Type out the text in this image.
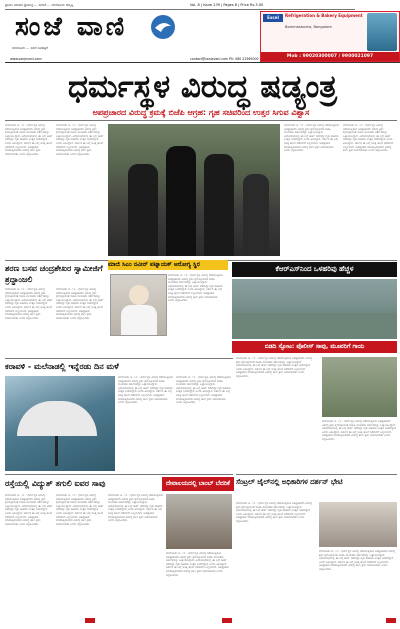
ಶ್ರಾವಣ ಮಾಸದ ಪ್ರಯುಕ್ತ ... ಸಂಚಿಕೆ ... ಬೆಂಗಳೂರು ಆವೃತ್ತಿ	Vol. 8 | Issue 239 | Pages 8 | Price Rs.3.00
ಸಂಜೆ ವಾಣಿ
ಬೆಂಗಳೂರು ... ಸಂಜೆ ದಿನಪತ್ರಿಕೆ
Excel	Refrigeration & Bakery Equipment
Bommasandra, Bangalore
Mob : 99020300007 / 9900021097
www.sanjevani.com	contact@sanjevani.com Ph: 080 22569000
ಧರ್ಮಸ್ಥಳ ವಿರುದ್ಧ ಷಡ್ಯಂತ್ರ
ಅಪಪ್ರಚಾರದ ವಿರುದ್ಧ ಕ್ರಮಕ್ಕೆ ಬಿಜೆಪಿ ಆಗ್ರಹ: ಗೃಹ ಸಚಿವರಿಂದ ಉತ್ತರ ಸಿಗುವ ವಿಶ್ವಾಸ
ಬೆಂಗಳೂರು ಆ. ೧೯ - ಧರ್ಮಸ್ಥಳ ವಿರುದ್ಧ ನಡೆಯುತ್ತಿರುವ ಅಪಪ್ರಚಾರದ ವಿರುದ್ಧ ಕ್ರಮ ಕೈಗೊಳ್ಳುವಂತೆ ಬಿಜೆಪಿ ನಾಯಕರು ಸರ್ಕಾರವನ್ನು ಒತ್ತಾಯಿಸಿದ್ದಾರೆ. ವಿಧಾನಸಭೆಯಲ್ಲಿ ಈ ಬಗ್ಗೆ ಚರ್ಚೆ ನಡೆದಿದ್ದು ಗೃಹ ಸಚಿವರು ಉತ್ತರ ನೀಡಲಿದ್ದಾರೆ ಎಂದು ತಿಳಿಸಿದ್ದಾರೆ. ಸರ್ಕಾರ ಈ ಬಗ್ಗೆ ಸೂಕ್ತ ತನಿಖೆ ನಡೆಸಲಿದೆ ಎನ್ನಲಾಗಿದೆ. ಅಪಪ್ರಚಾರ ಮಾಡುತ್ತಿರುವವರ ವಿರುದ್ಧ ಕಠಿಣ ಕ್ರಮ ಜರುಗಿಸಬೇಕು ಎಂದು ಆಗ್ರಹಿಸಿದರು.
ಬೆಂಗಳೂರು ಆ. ೧೯ - ಧರ್ಮಸ್ಥಳ ವಿರುದ್ಧ ನಡೆಯುತ್ತಿರುವ ಅಪಪ್ರಚಾರದ ವಿರುದ್ಧ ಕ್ರಮ ಕೈಗೊಳ್ಳುವಂತೆ ಬಿಜೆಪಿ ನಾಯಕರು ಸರ್ಕಾರವನ್ನು ಒತ್ತಾಯಿಸಿದ್ದಾರೆ. ವಿಧಾನಸಭೆಯಲ್ಲಿ ಈ ಬಗ್ಗೆ ಚರ್ಚೆ ನಡೆದಿದ್ದು ಗೃಹ ಸಚಿವರು ಉತ್ತರ ನೀಡಲಿದ್ದಾರೆ ಎಂದು ತಿಳಿಸಿದ್ದಾರೆ. ಸರ್ಕಾರ ಈ ಬಗ್ಗೆ ಸೂಕ್ತ ತನಿಖೆ ನಡೆಸಲಿದೆ ಎನ್ನಲಾಗಿದೆ. ಅಪಪ್ರಚಾರ ಮಾಡುತ್ತಿರುವವರ ವಿರುದ್ಧ ಕಠಿಣ ಕ್ರಮ ಜರುಗಿಸಬೇಕು ಎಂದು ಆಗ್ರಹಿಸಿದರು.
ಬೆಂಗಳೂರು ಆ. ೧೯ - ಧರ್ಮಸ್ಥಳ ವಿರುದ್ಧ ನಡೆಯುತ್ತಿರುವ ಅಪಪ್ರಚಾರದ ವಿರುದ್ಧ ಕ್ರಮ ಕೈಗೊಳ್ಳುವಂತೆ ಬಿಜೆಪಿ ನಾಯಕರು ಸರ್ಕಾರವನ್ನು ಒತ್ತಾಯಿಸಿದ್ದಾರೆ. ವಿಧಾನಸಭೆಯಲ್ಲಿ ಈ ಬಗ್ಗೆ ಚರ್ಚೆ ನಡೆದಿದ್ದು ಗೃಹ ಸಚಿವರು ಉತ್ತರ ನೀಡಲಿದ್ದಾರೆ ಎಂದು ತಿಳಿಸಿದ್ದಾರೆ. ಸರ್ಕಾರ ಈ ಬಗ್ಗೆ ಸೂಕ್ತ ತನಿಖೆ ನಡೆಸಲಿದೆ ಎನ್ನಲಾಗಿದೆ. ಅಪಪ್ರಚಾರ ಮಾಡುತ್ತಿರುವವರ ವಿರುದ್ಧ ಕಠಿಣ ಕ್ರಮ ಜರುಗಿಸಬೇಕು ಎಂದು ಆಗ್ರಹಿಸಿದರು.
ಬೆಂಗಳೂರು ಆ. ೧೯ - ಧರ್ಮಸ್ಥಳ ವಿರುದ್ಧ ನಡೆಯುತ್ತಿರುವ ಅಪಪ್ರಚಾರದ ವಿರುದ್ಧ ಕ್ರಮ ಕೈಗೊಳ್ಳುವಂತೆ ಬಿಜೆಪಿ ನಾಯಕರು ಸರ್ಕಾರವನ್ನು ಒತ್ತಾಯಿಸಿದ್ದಾರೆ. ವಿಧಾನಸಭೆಯಲ್ಲಿ ಈ ಬಗ್ಗೆ ಚರ್ಚೆ ನಡೆದಿದ್ದು ಗೃಹ ಸಚಿವರು ಉತ್ತರ ನೀಡಲಿದ್ದಾರೆ ಎಂದು ತಿಳಿಸಿದ್ದಾರೆ. ಸರ್ಕಾರ ಈ ಬಗ್ಗೆ ಸೂಕ್ತ ತನಿಖೆ ನಡೆಸಲಿದೆ ಎನ್ನಲಾಗಿದೆ. ಅಪಪ್ರಚಾರ ಮಾಡುತ್ತಿರುವವರ ವಿರುದ್ಧ ಕಠಿಣ ಕ್ರಮ ಜರುಗಿಸಬೇಕು ಎಂದು ಆಗ್ರಹಿಸಿದರು.
ಶರಣ ಬಸವ ಚಂದ್ರಶೇಖರ ಸ್ವಾಮೀಜಿಗೆ ಶ್ರದ್ಧಾಂಜಲಿ
ಬೆಂಗಳೂರು ಆ. ೧೯ - ಧರ್ಮಸ್ಥಳ ವಿರುದ್ಧ ನಡೆಯುತ್ತಿರುವ ಅಪಪ್ರಚಾರದ ವಿರುದ್ಧ ಕ್ರಮ ಕೈಗೊಳ್ಳುವಂತೆ ಬಿಜೆಪಿ ನಾಯಕರು ಸರ್ಕಾರವನ್ನು ಒತ್ತಾಯಿಸಿದ್ದಾರೆ. ವಿಧಾನಸಭೆಯಲ್ಲಿ ಈ ಬಗ್ಗೆ ಚರ್ಚೆ ನಡೆದಿದ್ದು ಗೃಹ ಸಚಿವರು ಉತ್ತರ ನೀಡಲಿದ್ದಾರೆ ಎಂದು ತಿಳಿಸಿದ್ದಾರೆ. ಸರ್ಕಾರ ಈ ಬಗ್ಗೆ ಸೂಕ್ತ ತನಿಖೆ ನಡೆಸಲಿದೆ ಎನ್ನಲಾಗಿದೆ. ಅಪಪ್ರಚಾರ ಮಾಡುತ್ತಿರುವವರ ವಿರುದ್ಧ ಕಠಿಣ ಕ್ರಮ ಜರುಗಿಸಬೇಕು ಎಂದು ಆಗ್ರಹಿಸಿದರು.
ಬೆಂಗಳೂರು ಆ. ೧೯ - ಧರ್ಮಸ್ಥಳ ವಿರುದ್ಧ ನಡೆಯುತ್ತಿರುವ ಅಪಪ್ರಚಾರದ ವಿರುದ್ಧ ಕ್ರಮ ಕೈಗೊಳ್ಳುವಂತೆ ಬಿಜೆಪಿ ನಾಯಕರು ಸರ್ಕಾರವನ್ನು ಒತ್ತಾಯಿಸಿದ್ದಾರೆ. ವಿಧಾನಸಭೆಯಲ್ಲಿ ಈ ಬಗ್ಗೆ ಚರ್ಚೆ ನಡೆದಿದ್ದು ಗೃಹ ಸಚಿವರು ಉತ್ತರ ನೀಡಲಿದ್ದಾರೆ ಎಂದು ತಿಳಿಸಿದ್ದಾರೆ. ಸರ್ಕಾರ ಈ ಬಗ್ಗೆ ಸೂಕ್ತ ತನಿಖೆ ನಡೆಸಲಿದೆ ಎನ್ನಲಾಗಿದೆ. ಅಪಪ್ರಚಾರ ಮಾಡುತ್ತಿರುವವರ ವಿರುದ್ಧ ಕಠಿಣ ಕ್ರಮ ಜರುಗಿಸಬೇಕು ಎಂದು ಆಗ್ರಹಿಸಿದರು.
ಮಾಜಿ ಸಿಎಂ ನವೀನ್ ಪಟ್ನಾಯಕ್ ಆರೋಗ್ಯ ಸ್ಥಿರ
ಬೆಂಗಳೂರು ಆ. ೧೯ - ಧರ್ಮಸ್ಥಳ ವಿರುದ್ಧ ನಡೆಯುತ್ತಿರುವ ಅಪಪ್ರಚಾರದ ವಿರುದ್ಧ ಕ್ರಮ ಕೈಗೊಳ್ಳುವಂತೆ ಬಿಜೆಪಿ ನಾಯಕರು ಸರ್ಕಾರವನ್ನು ಒತ್ತಾಯಿಸಿದ್ದಾರೆ. ವಿಧಾನಸಭೆಯಲ್ಲಿ ಈ ಬಗ್ಗೆ ಚರ್ಚೆ ನಡೆದಿದ್ದು ಗೃಹ ಸಚಿವರು ಉತ್ತರ ನೀಡಲಿದ್ದಾರೆ ಎಂದು ತಿಳಿಸಿದ್ದಾರೆ. ಸರ್ಕಾರ ಈ ಬಗ್ಗೆ ಸೂಕ್ತ ತನಿಖೆ ನಡೆಸಲಿದೆ ಎನ್ನಲಾಗಿದೆ. ಅಪಪ್ರಚಾರ ಮಾಡುತ್ತಿರುವವರ ವಿರುದ್ಧ ಕಠಿಣ ಕ್ರಮ ಜರುಗಿಸಬೇಕು ಎಂದು ಆಗ್ರಹಿಸಿದರು.
ಕೆಆರ್‌ಎಸ್‌ನಿಂದ ಒಳಹರಿವು ಹೆಚ್ಚಳ
ಬಿಡದಿ ಸ್ಫೋಟ: ಪೊಲೀಸ್ ಸಾವು, ಮೂವರಿಗೆ ಗಾಯ
ಕರಾವಳಿ - ಮಲೆನಾಡಲ್ಲಿ ಇನ್ನೆರಡು ದಿನ ಮಳೆ
ಬೆಂಗಳೂರು ಆ. ೧೯ - ಧರ್ಮಸ್ಥಳ ವಿರುದ್ಧ ನಡೆಯುತ್ತಿರುವ ಅಪಪ್ರಚಾರದ ವಿರುದ್ಧ ಕ್ರಮ ಕೈಗೊಳ್ಳುವಂತೆ ಬಿಜೆಪಿ ನಾಯಕರು ಸರ್ಕಾರವನ್ನು ಒತ್ತಾಯಿಸಿದ್ದಾರೆ. ವಿಧಾನಸಭೆಯಲ್ಲಿ ಈ ಬಗ್ಗೆ ಚರ್ಚೆ ನಡೆದಿದ್ದು ಗೃಹ ಸಚಿವರು ಉತ್ತರ ನೀಡಲಿದ್ದಾರೆ ಎಂದು ತಿಳಿಸಿದ್ದಾರೆ. ಸರ್ಕಾರ ಈ ಬಗ್ಗೆ ಸೂಕ್ತ ತನಿಖೆ ನಡೆಸಲಿದೆ ಎನ್ನಲಾಗಿದೆ. ಅಪಪ್ರಚಾರ ಮಾಡುತ್ತಿರುವವರ ವಿರುದ್ಧ ಕಠಿಣ ಕ್ರಮ ಜರುಗಿಸಬೇಕು ಎಂದು ಆಗ್ರಹಿಸಿದರು.
ಬೆಂಗಳೂರು ಆ. ೧೯ - ಧರ್ಮಸ್ಥಳ ವಿರುದ್ಧ ನಡೆಯುತ್ತಿರುವ ಅಪಪ್ರಚಾರದ ವಿರುದ್ಧ ಕ್ರಮ ಕೈಗೊಳ್ಳುವಂತೆ ಬಿಜೆಪಿ ನಾಯಕರು ಸರ್ಕಾರವನ್ನು ಒತ್ತಾಯಿಸಿದ್ದಾರೆ. ವಿಧಾನಸಭೆಯಲ್ಲಿ ಈ ಬಗ್ಗೆ ಚರ್ಚೆ ನಡೆದಿದ್ದು ಗೃಹ ಸಚಿವರು ಉತ್ತರ ನೀಡಲಿದ್ದಾರೆ ಎಂದು ತಿಳಿಸಿದ್ದಾರೆ. ಸರ್ಕಾರ ಈ ಬಗ್ಗೆ ಸೂಕ್ತ ತನಿಖೆ ನಡೆಸಲಿದೆ ಎನ್ನಲಾಗಿದೆ. ಅಪಪ್ರಚಾರ ಮಾಡುತ್ತಿರುವವರ ವಿರುದ್ಧ ಕಠಿಣ ಕ್ರಮ ಜರುಗಿಸಬೇಕು ಎಂದು ಆಗ್ರಹಿಸಿದರು.
ರಸ್ತೆಯಲ್ಲಿ ವಿದ್ಯುತ್ ತಗುಲಿ ಐವರ ಸಾವು
ಬೆಂಗಳೂರು ಆ. ೧೯ - ಧರ್ಮಸ್ಥಳ ವಿರುದ್ಧ ನಡೆಯುತ್ತಿರುವ ಅಪಪ್ರಚಾರದ ವಿರುದ್ಧ ಕ್ರಮ ಕೈಗೊಳ್ಳುವಂತೆ ಬಿಜೆಪಿ ನಾಯಕರು ಸರ್ಕಾರವನ್ನು ಒತ್ತಾಯಿಸಿದ್ದಾರೆ. ವಿಧಾನಸಭೆಯಲ್ಲಿ ಈ ಬಗ್ಗೆ ಚರ್ಚೆ ನಡೆದಿದ್ದು ಗೃಹ ಸಚಿವರು ಉತ್ತರ ನೀಡಲಿದ್ದಾರೆ ಎಂದು ತಿಳಿಸಿದ್ದಾರೆ. ಸರ್ಕಾರ ಈ ಬಗ್ಗೆ ಸೂಕ್ತ ತನಿಖೆ ನಡೆಸಲಿದೆ ಎನ್ನಲಾಗಿದೆ. ಅಪಪ್ರಚಾರ ಮಾಡುತ್ತಿರುವವರ ವಿರುದ್ಧ ಕಠಿಣ ಕ್ರಮ ಜರುಗಿಸಬೇಕು ಎಂದು ಆಗ್ರಹಿಸಿದರು.
ಬೆಂಗಳೂರು ಆ. ೧೯ - ಧರ್ಮಸ್ಥಳ ವಿರುದ್ಧ ನಡೆಯುತ್ತಿರುವ ಅಪಪ್ರಚಾರದ ವಿರುದ್ಧ ಕ್ರಮ ಕೈಗೊಳ್ಳುವಂತೆ ಬಿಜೆಪಿ ನಾಯಕರು ಸರ್ಕಾರವನ್ನು ಒತ್ತಾಯಿಸಿದ್ದಾರೆ. ವಿಧಾನಸಭೆಯಲ್ಲಿ ಈ ಬಗ್ಗೆ ಚರ್ಚೆ ನಡೆದಿದ್ದು ಗೃಹ ಸಚಿವರು ಉತ್ತರ ನೀಡಲಿದ್ದಾರೆ ಎಂದು ತಿಳಿಸಿದ್ದಾರೆ. ಸರ್ಕಾರ ಈ ಬಗ್ಗೆ ಸೂಕ್ತ ತನಿಖೆ ನಡೆಸಲಿದೆ ಎನ್ನಲಾಗಿದೆ. ಅಪಪ್ರಚಾರ ಮಾಡುತ್ತಿರುವವರ ವಿರುದ್ಧ ಕಠಿಣ ಕ್ರಮ ಜರುಗಿಸಬೇಕು ಎಂದು ಆಗ್ರಹಿಸಿದರು.
ದೇವಾಲಯದಲ್ಲಿ ಬಾಂಬ್ ಬೆದರಿಕೆ
ಬೆಂಗಳೂರು ಆ. ೧೯ - ಧರ್ಮಸ್ಥಳ ವಿರುದ್ಧ ನಡೆಯುತ್ತಿರುವ ಅಪಪ್ರಚಾರದ ವಿರುದ್ಧ ಕ್ರಮ ಕೈಗೊಳ್ಳುವಂತೆ ಬಿಜೆಪಿ ನಾಯಕರು ಸರ್ಕಾರವನ್ನು ಒತ್ತಾಯಿಸಿದ್ದಾರೆ. ವಿಧಾನಸಭೆಯಲ್ಲಿ ಈ ಬಗ್ಗೆ ಚರ್ಚೆ ನಡೆದಿದ್ದು ಗೃಹ ಸಚಿವರು ಉತ್ತರ ನೀಡಲಿದ್ದಾರೆ ಎಂದು ತಿಳಿಸಿದ್ದಾರೆ. ಸರ್ಕಾರ ಈ ಬಗ್ಗೆ ಸೂಕ್ತ ತನಿಖೆ ನಡೆಸಲಿದೆ ಎನ್ನಲಾಗಿದೆ. ಅಪಪ್ರಚಾರ ಮಾಡುತ್ತಿರುವವರ ವಿರುದ್ಧ ಕಠಿಣ ಕ್ರಮ ಜರುಗಿಸಬೇಕು ಎಂದು ಆಗ್ರಹಿಸಿದರು.
ಬೆಂಗಳೂರು ಆ. ೧೯ - ಧರ್ಮಸ್ಥಳ ವಿರುದ್ಧ ನಡೆಯುತ್ತಿರುವ ಅಪಪ್ರಚಾರದ ವಿರುದ್ಧ ಕ್ರಮ ಕೈಗೊಳ್ಳುವಂತೆ ಬಿಜೆಪಿ ನಾಯಕರು ಸರ್ಕಾರವನ್ನು ಒತ್ತಾಯಿಸಿದ್ದಾರೆ. ವಿಧಾನಸಭೆಯಲ್ಲಿ ಈ ಬಗ್ಗೆ ಚರ್ಚೆ ನಡೆದಿದ್ದು ಗೃಹ ಸಚಿವರು ಉತ್ತರ ನೀಡಲಿದ್ದಾರೆ ಎಂದು ತಿಳಿಸಿದ್ದಾರೆ. ಸರ್ಕಾರ ಈ ಬಗ್ಗೆ ಸೂಕ್ತ ತನಿಖೆ ನಡೆಸಲಿದೆ ಎನ್ನಲಾಗಿದೆ. ಅಪಪ್ರಚಾರ ಮಾಡುತ್ತಿರುವವರ ವಿರುದ್ಧ ಕಠಿಣ ಕ್ರಮ ಜರುಗಿಸಬೇಕು ಎಂದು ಆಗ್ರಹಿಸಿದರು.
ಬೆಂಗಳೂರು ಆ. ೧೯ - ಧರ್ಮಸ್ಥಳ ವಿರುದ್ಧ ನಡೆಯುತ್ತಿರುವ ಅಪಪ್ರಚಾರದ ವಿರುದ್ಧ ಕ್ರಮ ಕೈಗೊಳ್ಳುವಂತೆ ಬಿಜೆಪಿ ನಾಯಕರು ಸರ್ಕಾರವನ್ನು ಒತ್ತಾಯಿಸಿದ್ದಾರೆ. ವಿಧಾನಸಭೆಯಲ್ಲಿ ಈ ಬಗ್ಗೆ ಚರ್ಚೆ ನಡೆದಿದ್ದು ಗೃಹ ಸಚಿವರು ಉತ್ತರ ನೀಡಲಿದ್ದಾರೆ ಎಂದು ತಿಳಿಸಿದ್ದಾರೆ. ಸರ್ಕಾರ ಈ ಬಗ್ಗೆ ಸೂಕ್ತ ತನಿಖೆ ನಡೆಸಲಿದೆ ಎನ್ನಲಾಗಿದೆ. ಅಪಪ್ರಚಾರ ಮಾಡುತ್ತಿರುವವರ ವಿರುದ್ಧ ಕಠಿಣ ಕ್ರಮ ಜರುಗಿಸಬೇಕು ಎಂದು ಆಗ್ರಹಿಸಿದರು.
ಬೆಂಗಳೂರು ಆ. ೧೯ - ಧರ್ಮಸ್ಥಳ ವಿರುದ್ಧ ನಡೆಯುತ್ತಿರುವ ಅಪಪ್ರಚಾರದ ವಿರುದ್ಧ ಕ್ರಮ ಕೈಗೊಳ್ಳುವಂತೆ ಬಿಜೆಪಿ ನಾಯಕರು ಸರ್ಕಾರವನ್ನು ಒತ್ತಾಯಿಸಿದ್ದಾರೆ. ವಿಧಾನಸಭೆಯಲ್ಲಿ ಈ ಬಗ್ಗೆ ಚರ್ಚೆ ನಡೆದಿದ್ದು ಗೃಹ ಸಚಿವರು ಉತ್ತರ ನೀಡಲಿದ್ದಾರೆ ಎಂದು ತಿಳಿಸಿದ್ದಾರೆ. ಸರ್ಕಾರ ಈ ಬಗ್ಗೆ ಸೂಕ್ತ ತನಿಖೆ ನಡೆಸಲಿದೆ ಎನ್ನಲಾಗಿದೆ. ಅಪಪ್ರಚಾರ ಮಾಡುತ್ತಿರುವವರ ವಿರುದ್ಧ ಕಠಿಣ ಕ್ರಮ ಜರುಗಿಸಬೇಕು ಎಂದು ಆಗ್ರಹಿಸಿದರು.
ಸೆಂಟ್ರಲ್ ಜೈಲ್‌ನಲ್ಲಿ ಅಧಿಕಾರಿಗಳ ದರ್ಶನ್ ಭೇಟಿ
ಬೆಂಗಳೂರು ಆ. ೧೯ - ಧರ್ಮಸ್ಥಳ ವಿರುದ್ಧ ನಡೆಯುತ್ತಿರುವ ಅಪಪ್ರಚಾರದ ವಿರುದ್ಧ ಕ್ರಮ ಕೈಗೊಳ್ಳುವಂತೆ ಬಿಜೆಪಿ ನಾಯಕರು ಸರ್ಕಾರವನ್ನು ಒತ್ತಾಯಿಸಿದ್ದಾರೆ. ವಿಧಾನಸಭೆಯಲ್ಲಿ ಈ ಬಗ್ಗೆ ಚರ್ಚೆ ನಡೆದಿದ್ದು ಗೃಹ ಸಚಿವರು ಉತ್ತರ ನೀಡಲಿದ್ದಾರೆ ಎಂದು ತಿಳಿಸಿದ್ದಾರೆ. ಸರ್ಕಾರ ಈ ಬಗ್ಗೆ ಸೂಕ್ತ ತನಿಖೆ ನಡೆಸಲಿದೆ ಎನ್ನಲಾಗಿದೆ. ಅಪಪ್ರಚಾರ ಮಾಡುತ್ತಿರುವವರ ವಿರುದ್ಧ ಕಠಿಣ ಕ್ರಮ ಜರುಗಿಸಬೇಕು ಎಂದು ಆಗ್ರಹಿಸಿದರು.
ಬೆಂಗಳೂರು ಆ. ೧೯ - ಧರ್ಮಸ್ಥಳ ವಿರುದ್ಧ ನಡೆಯುತ್ತಿರುವ ಅಪಪ್ರಚಾರದ ವಿರುದ್ಧ ಕ್ರಮ ಕೈಗೊಳ್ಳುವಂತೆ ಬಿಜೆಪಿ ನಾಯಕರು ಸರ್ಕಾರವನ್ನು ಒತ್ತಾಯಿಸಿದ್ದಾರೆ. ವಿಧಾನಸಭೆಯಲ್ಲಿ ಈ ಬಗ್ಗೆ ಚರ್ಚೆ ನಡೆದಿದ್ದು ಗೃಹ ಸಚಿವರು ಉತ್ತರ ನೀಡಲಿದ್ದಾರೆ ಎಂದು ತಿಳಿಸಿದ್ದಾರೆ. ಸರ್ಕಾರ ಈ ಬಗ್ಗೆ ಸೂಕ್ತ ತನಿಖೆ ನಡೆಸಲಿದೆ ಎನ್ನಲಾಗಿದೆ. ಅಪಪ್ರಚಾರ ಮಾಡುತ್ತಿರುವವರ ವಿರುದ್ಧ ಕಠಿಣ ಕ್ರಮ ಜರುಗಿಸಬೇಕು ಎಂದು ಆಗ್ರಹಿಸಿದರು.
